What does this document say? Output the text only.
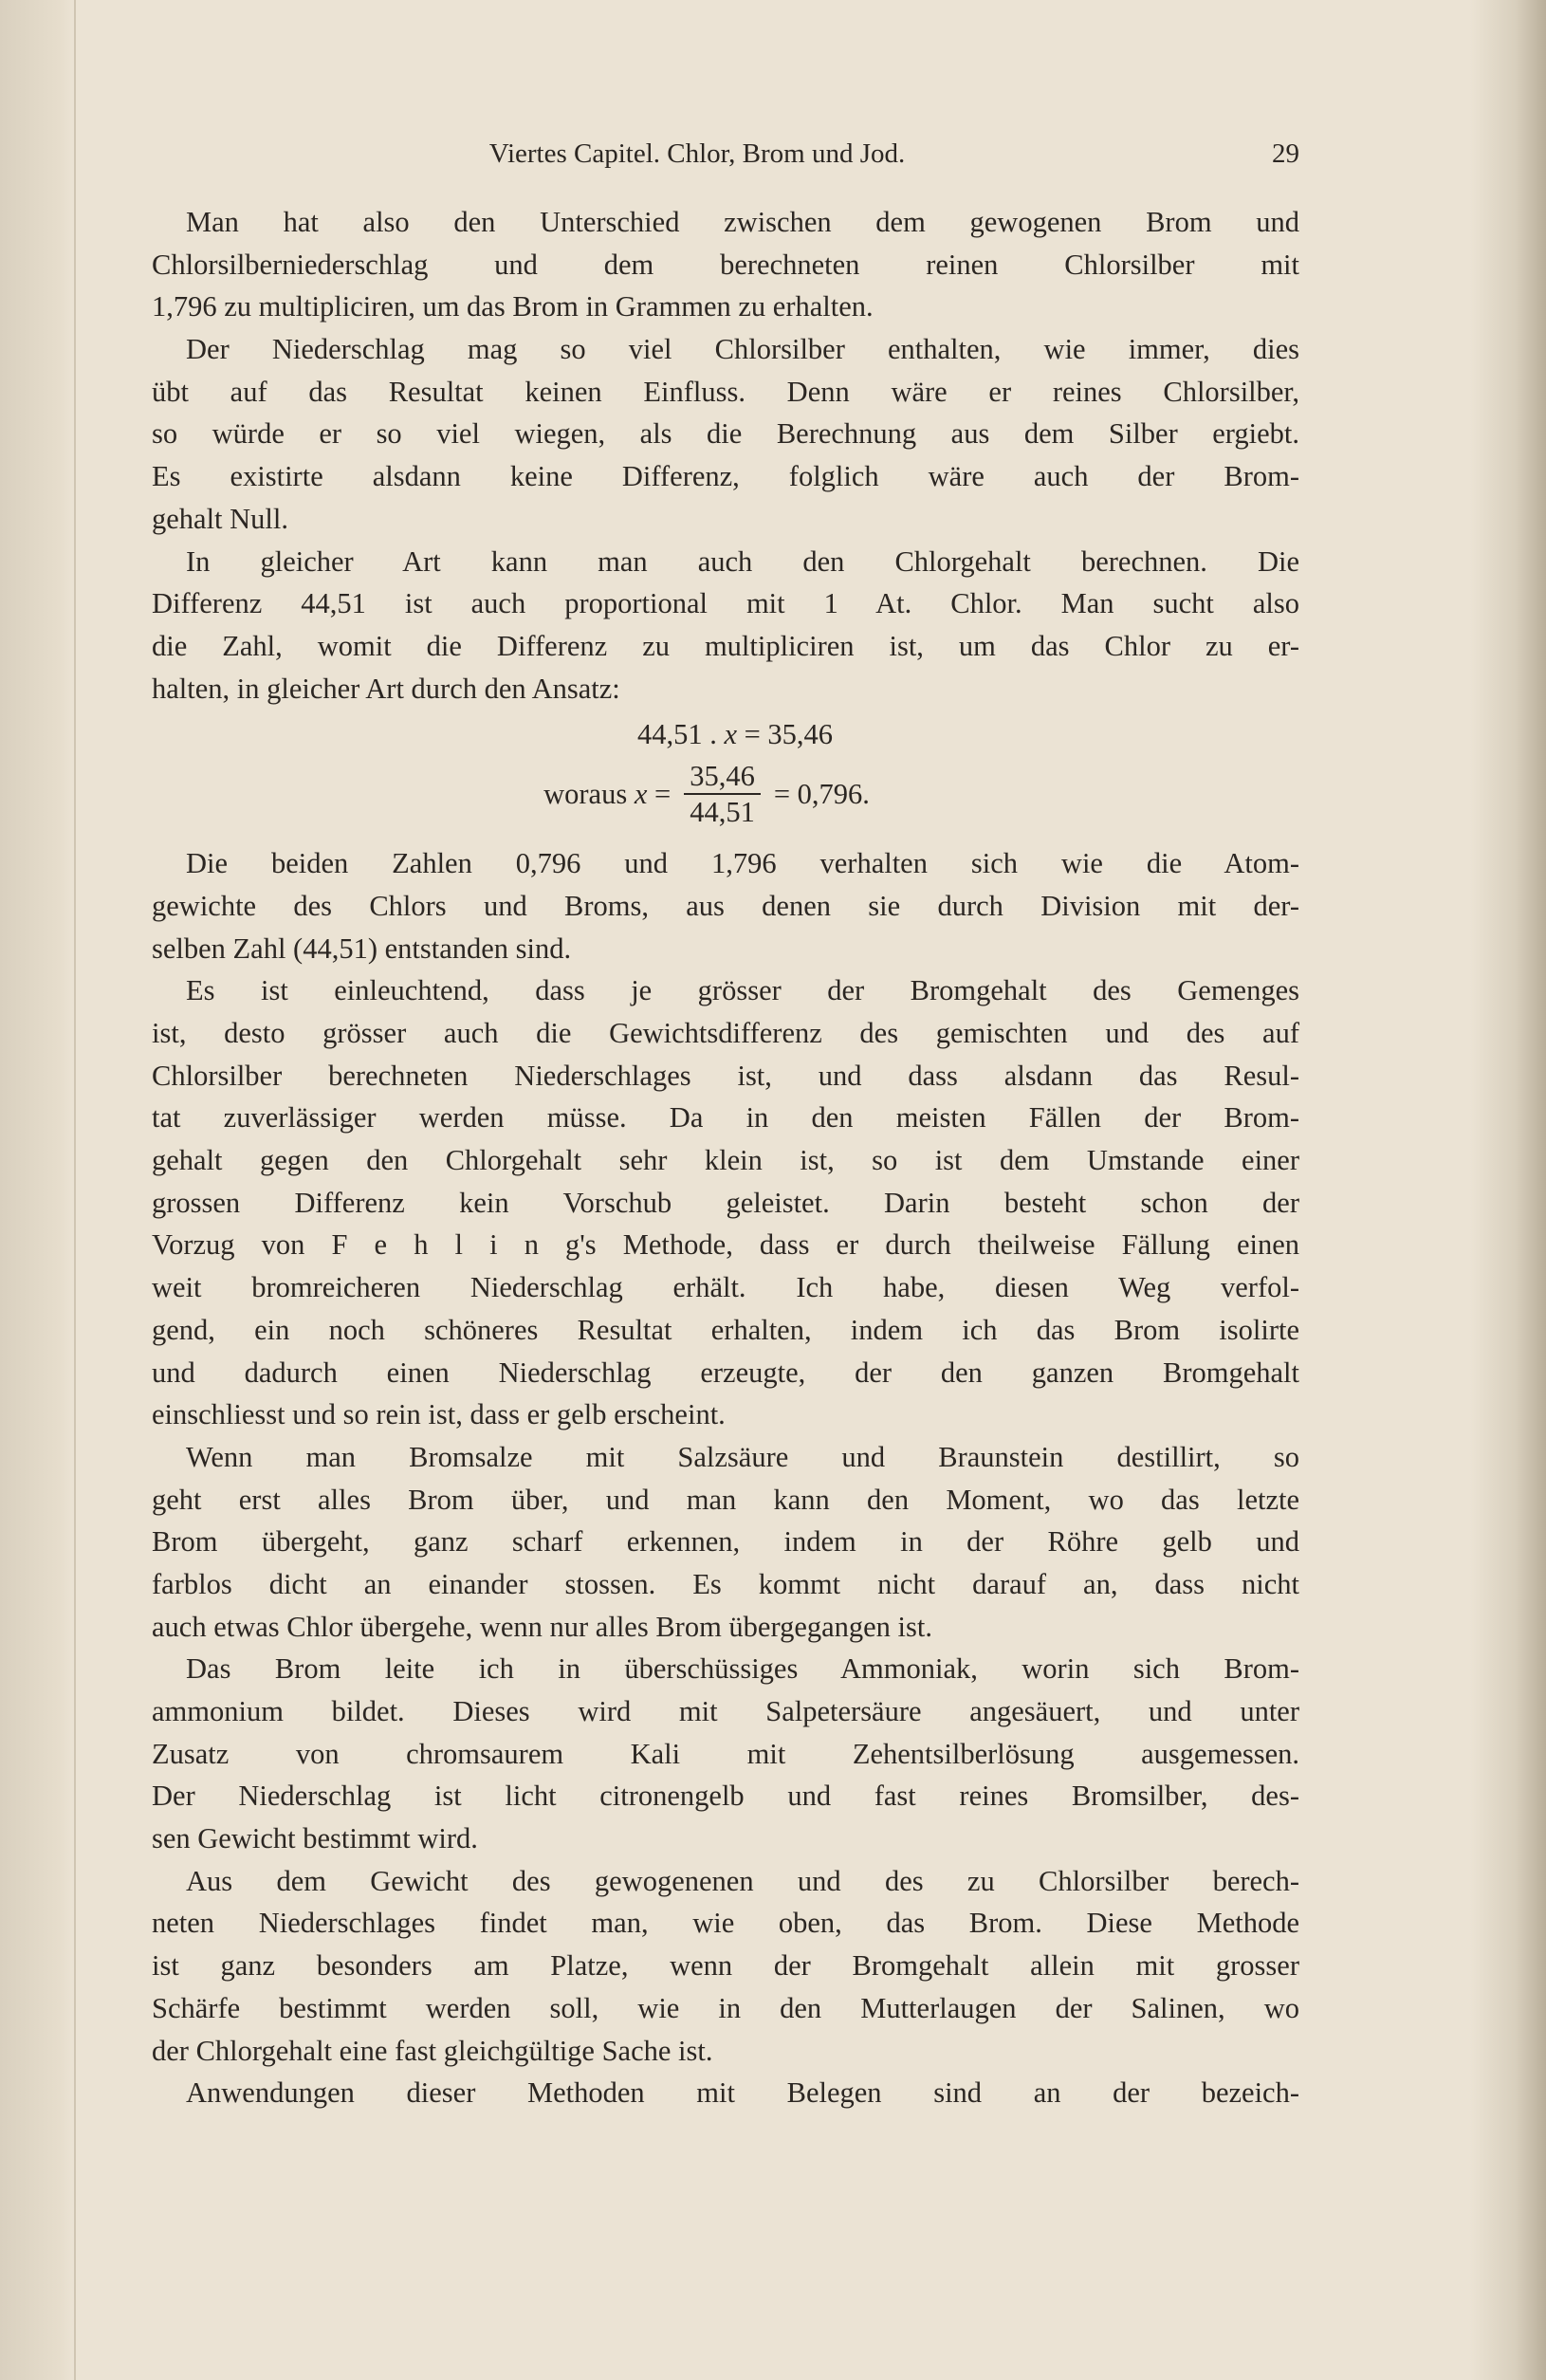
Viertes Capitel. Chlor, Brom und Jod.	29
Man hat also den Unterschied zwischen dem gewogenen Brom und
Chlorsilberniederschlag und dem berechneten reinen Chlorsilber mit
1,796 zu multipliciren, um das Brom in Grammen zu erhalten.
Der Niederschlag mag so viel Chlorsilber enthalten, wie immer, dies
übt auf das Resultat keinen Einfluss. Denn wäre er reines Chlorsilber,
so würde er so viel wiegen, als die Berechnung aus dem Silber ergiebt.
Es existirte alsdann keine Differenz, folglich wäre auch der Brom-
gehalt Null.
In gleicher Art kann man auch den Chlorgehalt berechnen. Die
Differenz 44,51 ist auch proportional mit 1 At. Chlor. Man sucht also
die Zahl, womit die Differenz zu multipliciren ist, um das Chlor zu er-
halten, in gleicher Art durch den Ansatz:
44,51 . x = 35,46
woraus
x
= $\frac{35,46}{44,51} = 0,796$.
Die beiden Zahlen 0,796 und 1,796 verhalten sich wie die Atom-
gewichte des Chlors und Broms, aus denen sie durch Division mit der-
selben Zahl (44,51) entstanden sind.
Es ist einleuchtend, dass je grösser der Bromgehalt des Gemenges
ist, desto grösser auch die Gewichtsdifferenz des gemischten und des auf
Chlorsilber berechneten Niederschlages ist, und dass alsdann das Resul-
tat zuverlässiger werden müsse. Da in den meisten Fällen der Brom-
gehalt gegen den Chlorgehalt sehr klein ist, so ist dem Umstande einer
grossen Differenz kein Vorschub geleistet. Darin besteht schon der
Vorzug von F e h l i n g's Methode, dass er durch theilweise Fällung einen
weit bromreicheren Niederschlag erhält. Ich habe, diesen Weg verfol-
gend, ein noch schöneres Resultat erhalten, indem ich das Brom isolirte
und dadurch einen Niederschlag erzeugte, der den ganzen Bromgehalt
einschliesst und so rein ist, dass er gelb erscheint.
Wenn man Bromsalze mit Salzsäure und Braunstein destillirt, so
geht erst alles Brom über, und man kann den Moment, wo das letzte
Brom übergeht, ganz scharf erkennen, indem in der Röhre gelb und
farblos dicht an einander stossen. Es kommt nicht darauf an, dass nicht
auch etwas Chlor übergehe, wenn nur alles Brom übergegangen ist.
Das Brom leite ich in überschüssiges Ammoniak, worin sich Brom-
ammonium bildet. Dieses wird mit Salpetersäure angesäuert, und unter
Zusatz von chromsaurem Kali mit Zehentsilberlösung ausgemessen.
Der Niederschlag ist licht citronengelb und fast reines Bromsilber, des-
sen Gewicht bestimmt wird.
Aus dem Gewicht des gewogenenen und des zu Chlorsilber berech-
neten Niederschlages findet man, wie oben, das Brom. Diese Methode
ist ganz besonders am Platze, wenn der Bromgehalt allein mit grosser
Schärfe bestimmt werden soll, wie in den Mutterlaugen der Salinen, wo
der Chlorgehalt eine fast gleichgültige Sache ist.
Anwendungen dieser Methoden mit Belegen sind an der bezeich-
